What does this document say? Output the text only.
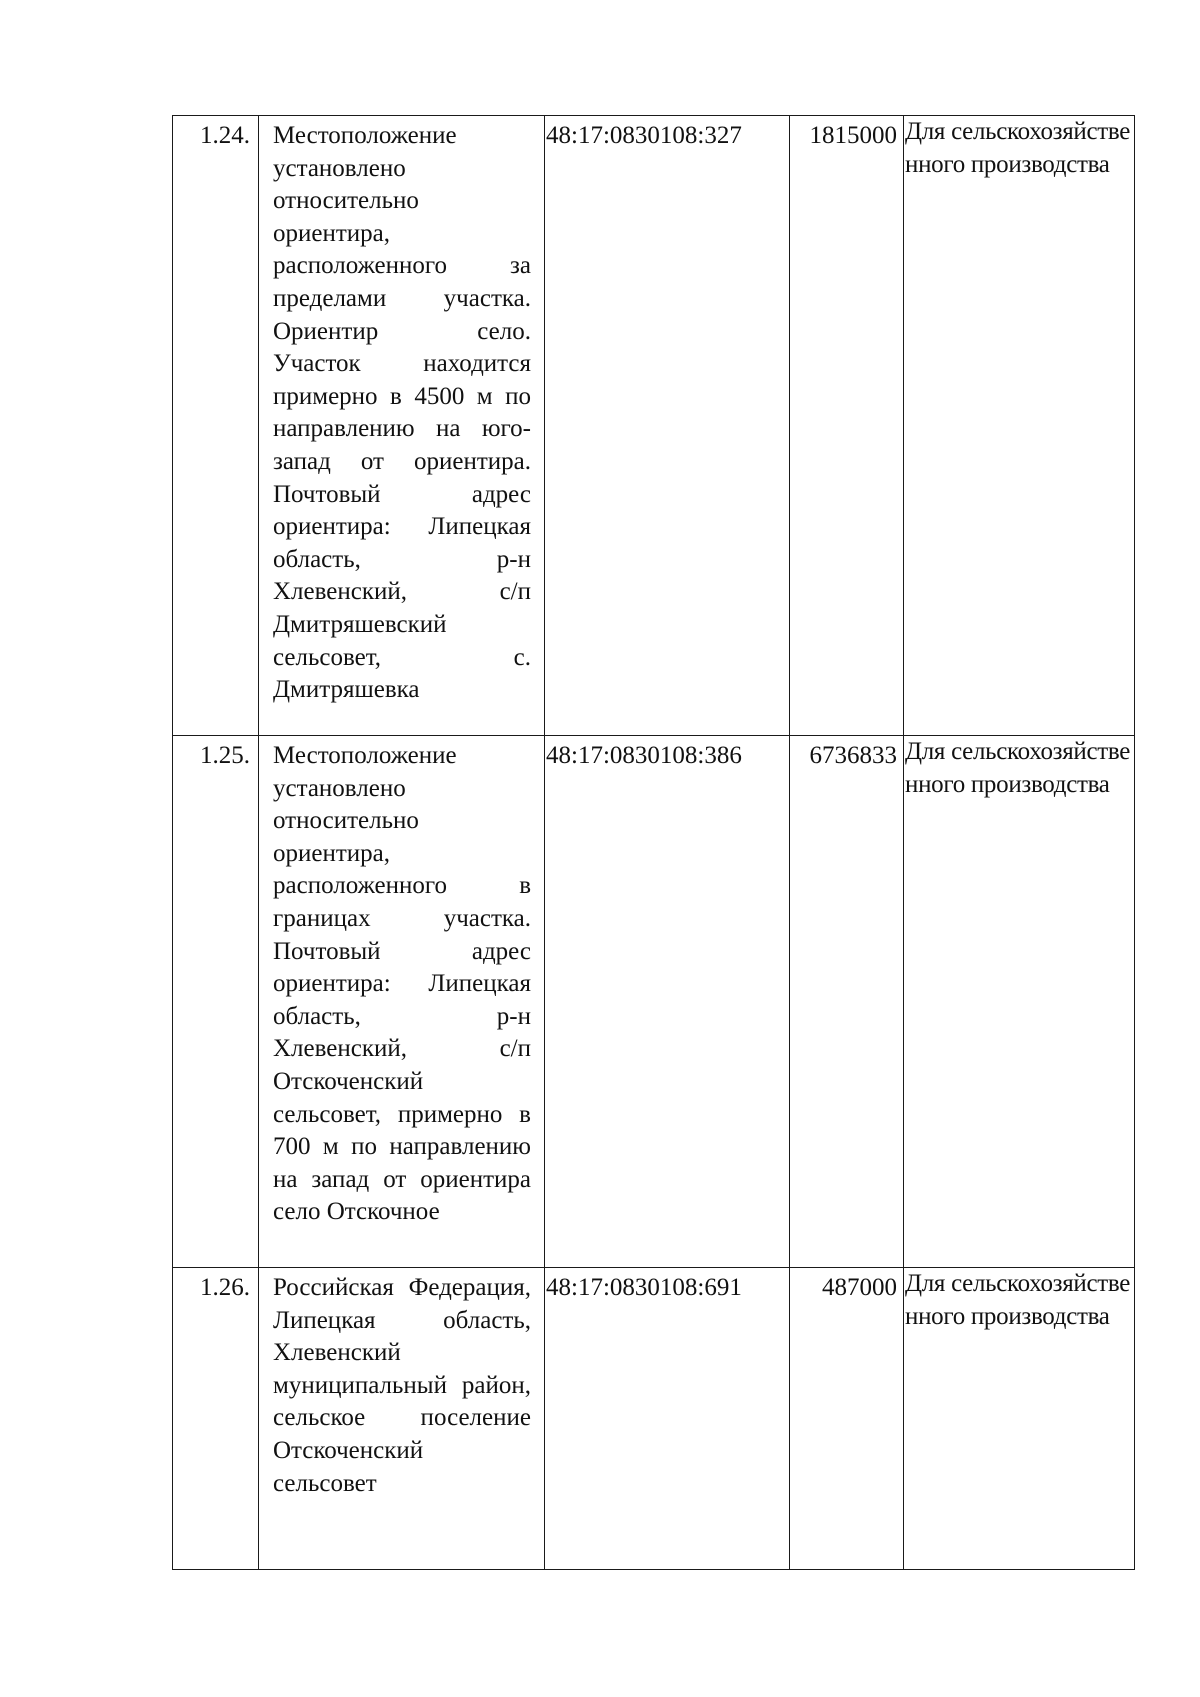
1.24.	Местоположение установлено относительно ориентира, расположенного за пределами участка. Ориентир село. Участок находится примерно в 4500 м по направлению на юго-запад от ориентира. Почтовый адрес ориентира: Липецкая область, р-н Хлевенский, с/п Дмитряшевский сельсовет, с. Дмитряшевка	48:17:0830108:327	1815000	Для сельскохозяйственного производства

1.25.	Местоположение установлено относительно ориентира, расположенного в границах участка. Почтовый адрес ориентира: Липецкая область, р-н Хлевенский, с/п Отскоченский сельсовет, примерно в 700 м по направлению на запад от ориентира село Отскочное	48:17:0830108:386	6736833	Для сельскохозяйственного производства

1.26.	Российская Федерация, Липецкая область, Хлевенский муниципальный район, сельское поселение Отскоченский сельсовет	48:17:0830108:691	487000	Для сельскохозяйственного производства
